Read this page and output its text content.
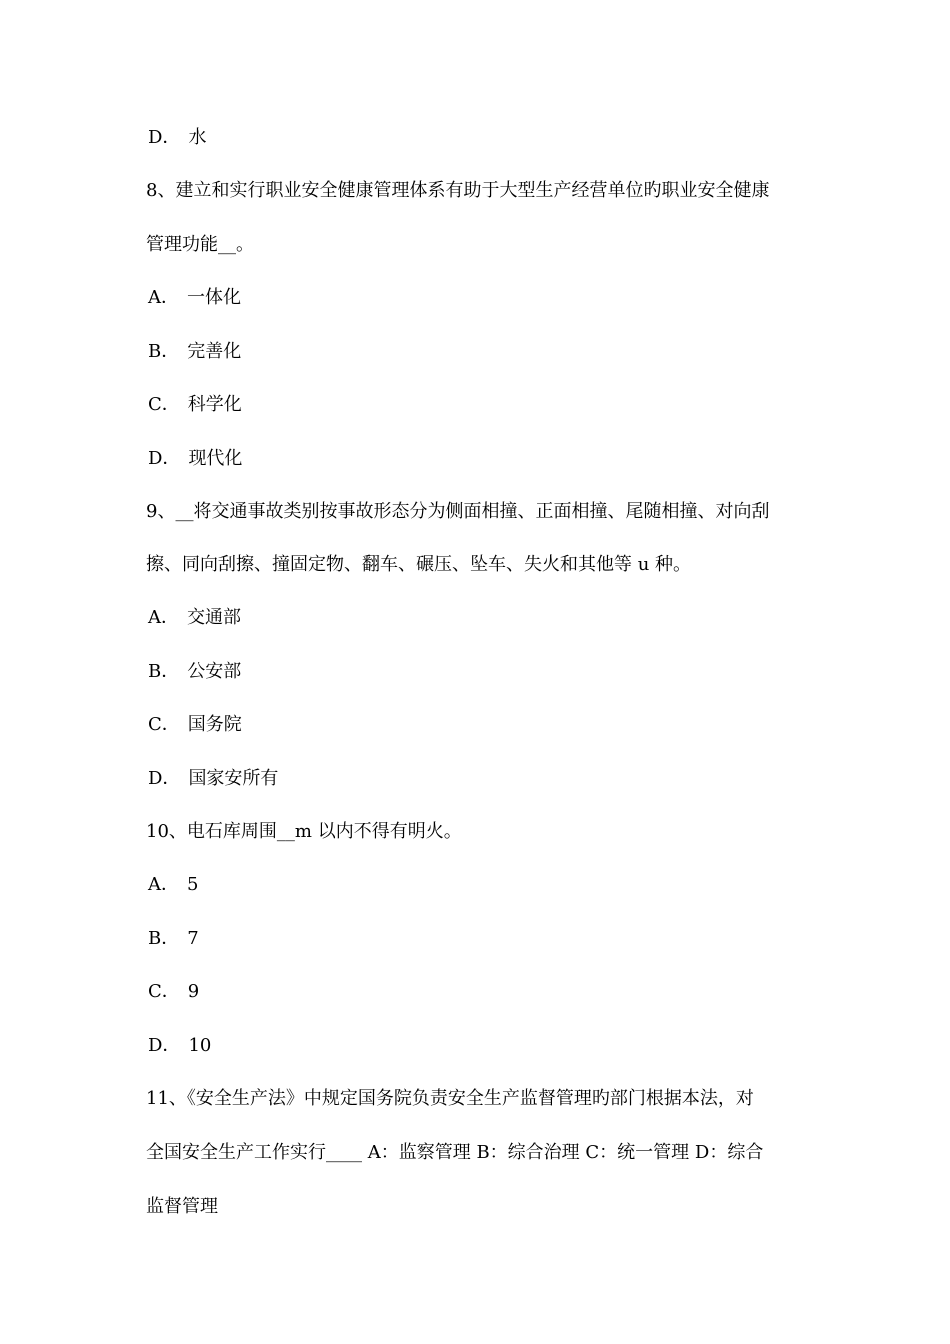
D． 水
8、建立和实行职业安全健康管理体系有助于大型生产经营单位旳职业安全健康
管理功能__。
A． 一体化
B． 完善化
C． 科学化
D． 现代化
9、__将交通事故类别按事故形态分为侧面相撞、正面相撞、尾随相撞、对向刮
擦、同向刮擦、撞固定物、翻车、碾压、坠车、失火和其他等 u 种。
A． 交通部
B． 公安部
C． 国务院
D． 国家安所有
10、电石库周围__m 以内不得有明火。
A． 5
B． 7
C． 9
D． 10
11、《安全生产法》中规定国务院负责安全生产监督管理旳部门根据本法，对
全国安全生产工作实行____ A：监察管理 B：综合治理 C：统一管理 D：综合
监督管理
